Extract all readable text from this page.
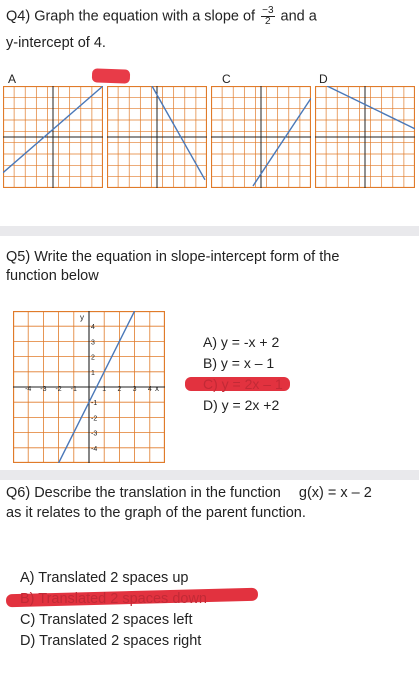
Q4) Graph the equation with a slope of $\frac{-3}{2}$ and a

y-intercept of 4.

A	C	D

Q5) Write the equation in slope-intercept form of the

function below

-4 -3 -2 -1	1 2 3 4
4
3
2
1
-1
-2
-3
-4
x
y
A) y = -x + 2
B) y = x – 1
C) y = 2x – 1
D) y = 2x +2

Q6) Describe the translation in the function g(x) = x – 2

as it relates to the graph of the parent function.

A) Translated 2 spaces up
B) Translated 2 spaces down
C) Translated 2 spaces left
D) Translated 2 spaces right
